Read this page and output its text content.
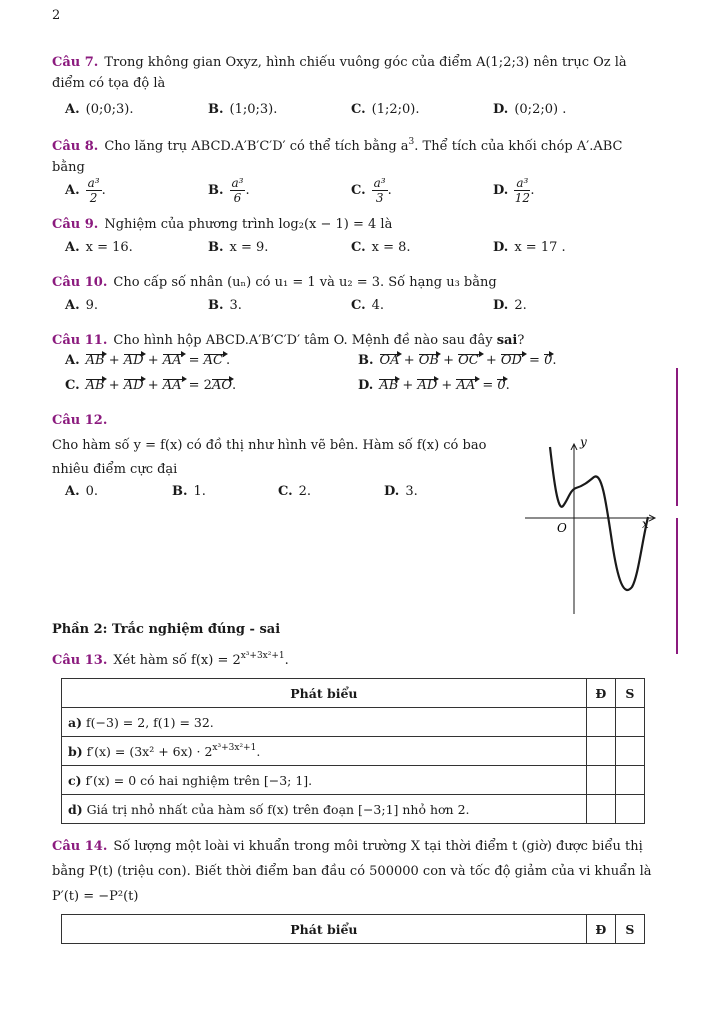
2
Câu 7. Trong không gian Oxyz, hình chiếu vuông góc của điểm A(1;2;3) nên trục Oz là điểm có tọa độ là
A. (0;0;3).	B. (1;0;3).	C. (1;2;0).	D. (0;2;0) .
Câu 8. Cho lăng trụ ABCD.A′B′C′D′ có thể tích bằng $a^3$. Thể tích của khối chóp A′.ABC bằng
A. $\frac{\text{a³}}{2}$ .	B. $\frac{\text{a³}}{6}$ .	C. $\frac{\text{a³}}{3}$ .	D. $\frac{\text{a³}}{12}$ .
Câu 9. Nghiệm của phương trình log₂(x − 1) = 4 là
A. x = 16.	B. x = 9.	C. x = 8.	D. x = 17 .
Câu 10. Cho cấp số nhân (uₙ) có u₁ = 1 và u₂ = 3. Số hạng u₃ bằng
A. 9.	B. 3.	C. 4.	D. 2.
Câu 11. Cho hình hộp ABCD.A′B′C′D′ tâm O. Mệnh đề nào sau đây sai?
A. AB + AD + AA′ = AC′.	B. OA + OB + OC′ + OD′ = 0.
C. AB + AD + AA′ = 2AO.	D. AB + AD + AA′ = 0.
Câu 12.
Cho hàm số y = f(x) có đồ thị như hình vẽ bên. Hàm số f(x) có bao nhiêu điểm cực đại
A. 0.	B. 1.	C. 2.	D. 3.
y
x
O
Phần 2: Trắc nghiệm đúng - sai
Câu 13. Xét hàm số $f(x) = 2^{x^3+3x^2+1}$.
Phát biểu	Đ	S
a) f(−3) = 2, f(1) = 32.		
b) $f'(x) = (3x^2 + 6x) \cdot 2^{x^3+3x^2+1}$.		
c) f′(x) = 0 có hai nghiệm trên [−3; 1].		
d) Giá trị nhỏ nhất của hàm số f(x) trên đoạn [−3;1] nhỏ hơn 2.		
Câu 14. Số lượng một loài vi khuẩn trong môi trường X tại thời điểm t (giờ) được biểu thị bằng P(t) (triệu con). Biết thời điểm ban đầu có 500000 con và tốc độ giảm của vi khuẩn là P′(t) = −P²(t)
Phát biểu	Đ	S
